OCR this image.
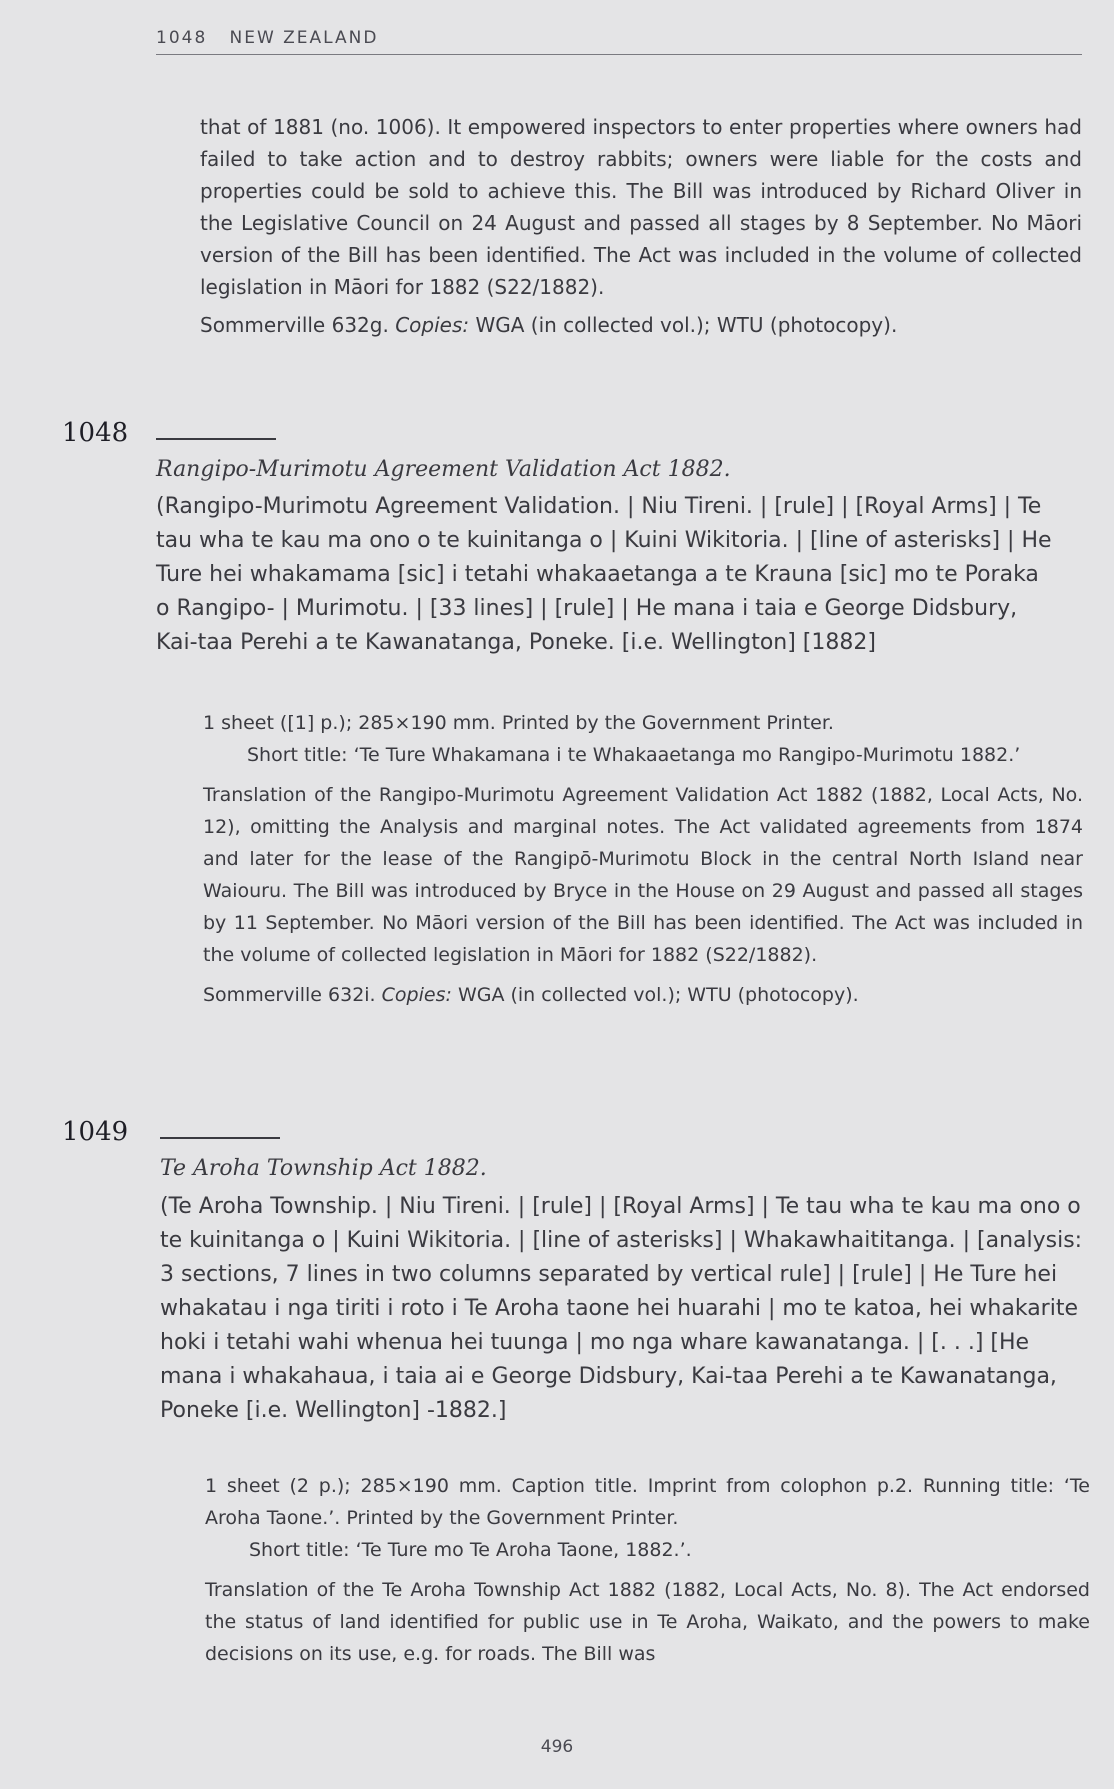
1048 NEW ZEALAND

that of 1881 (no. 1006). It empowered inspectors to enter properties where owners had failed to take action and to destroy rabbits; owners were liable for the costs and properties could be sold to achieve this. The Bill was introduced by Richard Oliver in the Legislative Council on 24 August and passed all stages by 8 September. No Māori version of the Bill has been identified. The Act was included in the volume of collected legislation in Māori for 1882 (S22/1882).

Sommerville 632g. Copies: WGA (in collected vol.); WTU (photocopy).

1048
Rangipo-Murimotu Agreement Validation Act 1882.

(Rangipo-Murimotu Agreement Validation. | Niu Tireni. | [rule] | [Royal Arms] | Te tau wha te kau ma ono o te kuinitanga o | Kuini Wikitoria. | [line of asterisks] | He Ture hei whakamama [sic] i tetahi whakaaetanga a te Krauna [sic] mo te Poraka o Rangipo- | Murimotu. | [33 lines] | [rule] | He mana i taia e George Didsbury, Kai-taa Perehi a te Kawanatanga, Poneke. [i.e. Wellington] [1882]

1 sheet ([1] p.); 285×190 mm. Printed by the Government Printer.

Short title: ‘Te Ture Whakamana i te Whakaaetanga mo Rangipo-Murimotu 1882.’

Translation of the Rangipo-Murimotu Agreement Validation Act 1882 (1882, Local Acts, No. 12), omitting the Analysis and marginal notes. The Act validated agreements from 1874 and later for the lease of the Rangipō-Murimotu Block in the central North Island near Waiouru. The Bill was introduced by Bryce in the House on 29 August and passed all stages by 11 September. No Māori version of the Bill has been identified. The Act was included in the volume of collected legislation in Māori for 1882 (S22/1882).

Sommerville 632i. Copies: WGA (in collected vol.); WTU (photocopy).

1049
Te Aroha Township Act 1882.

(Te Aroha Township. | Niu Tireni. | [rule] | [Royal Arms] | Te tau wha te kau ma ono o te kuinitanga o | Kuini Wikitoria. | [line of asterisks] | Whakawhaititanga. | [analysis: 3 sections, 7 lines in two columns separated by vertical rule] | [rule] | He Ture hei whakatau i nga tiriti i roto i Te Aroha taone hei huarahi | mo te katoa, hei whakarite hoki i tetahi wahi whenua hei tuunga | mo nga whare kawanatanga. | [. . .] [He mana i whakahaua, i taia ai e George Didsbury, Kai-taa Perehi a te Kawanatanga, Poneke [i.e. Wellington] -1882.]

1 sheet (2 p.); 285×190 mm. Caption title. Imprint from colophon p.2. Running title: ‘Te Aroha Taone.’. Printed by the Government Printer.

Short title: ‘Te Ture mo Te Aroha Taone, 1882.’.

Translation of the Te Aroha Township Act 1882 (1882, Local Acts, No. 8). The Act endorsed the status of land identified for public use in Te Aroha, Waikato, and the powers to make decisions on its use, e.g. for roads. The Bill was

496
